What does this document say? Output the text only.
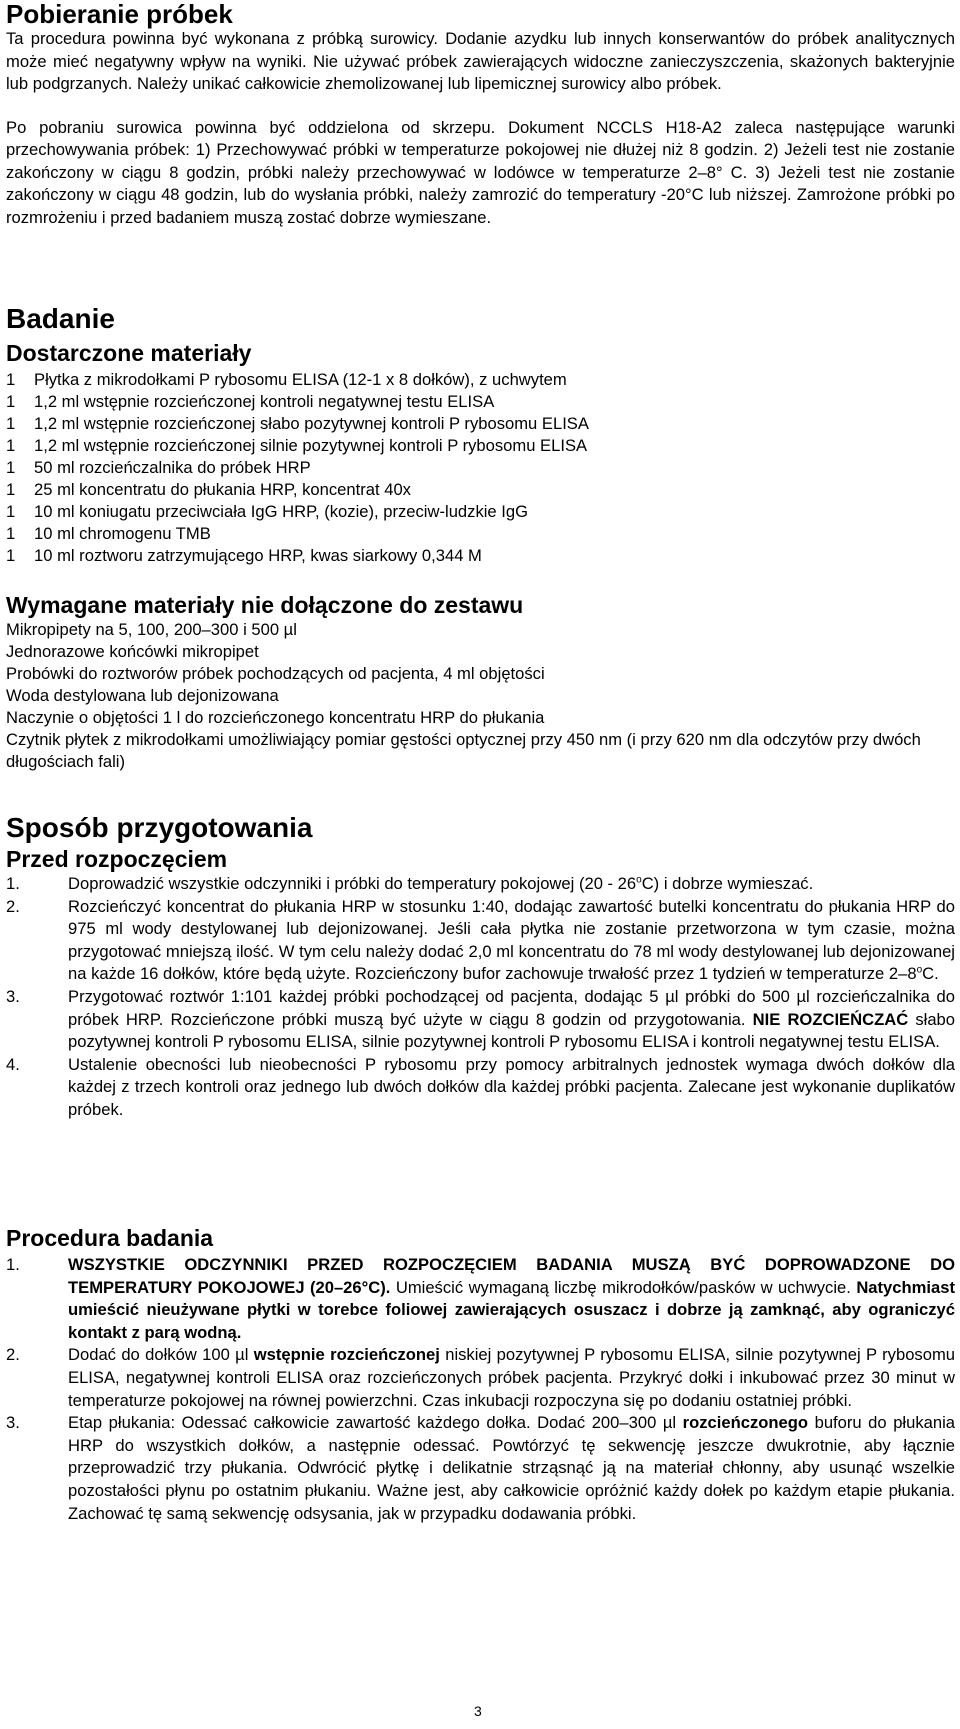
Pobieranie próbek

Ta procedura powinna być wykonana z próbką surowicy. Dodanie azydku lub innych konserwantów do próbek analitycznych może mieć negatywny wpływ na wyniki. Nie używać próbek zawierających widoczne zanieczyszczenia, skażonych bakteryjnie lub podgrzanych. Należy unikać całkowicie zhemolizowanej lub lipemicznej surowicy albo próbek.

Po pobraniu surowica powinna być oddzielona od skrzepu. Dokument NCCLS H18-A2 zaleca następujące warunki przechowywania próbek: 1) Przechowywać próbki w temperaturze pokojowej nie dłużej niż 8 godzin. 2) Jeżeli test nie zostanie zakończony w ciągu 8 godzin, próbki należy przechowywać w lodówce w temperaturze 2–8° C. 3) Jeżeli test nie zostanie zakończony w ciągu 48 godzin, lub do wysłania próbki, należy zamrozić do temperatury -20°C lub niższej. Zamrożone próbki po rozmrożeniu i przed badaniem muszą zostać dobrze wymieszane.

Badanie
Dostarczone materiały
1	Płytka z mikrodołkami P rybosomu ELISA (12-1 x 8 dołków), z uchwytem
1	1,2 ml wstępnie rozcieńczonej kontroli negatywnej testu ELISA
1	1,2 ml wstępnie rozcieńczonej słabo pozytywnej kontroli P rybosomu ELISA
1	1,2 ml wstępnie rozcieńczonej silnie pozytywnej kontroli P rybosomu ELISA
1	50 ml rozcieńczalnika do próbek HRP
1	25 ml koncentratu do płukania HRP, koncentrat 40x
1	10 ml koniugatu przeciwciała IgG HRP, (kozie), przeciw-ludzkie IgG
1	10 ml chromogenu TMB
1	10 ml roztworu zatrzymującego HRP, kwas siarkowy 0,344 M
Wymagane materiały nie dołączone do zestawu

Mikropipety na 5, 100, 200–300 i 500 µl

Jednorazowe końcówki mikropipet

Probówki do roztworów próbek pochodzących od pacjenta, 4 ml objętości

Woda destylowana lub dejonizowana

Naczynie o objętości 1 l do rozcieńczonego koncentratu HRP do płukania

Czytnik płytek z mikrodołkami umożliwiający pomiar gęstości optycznej przy 450 nm (i przy 620 nm dla odczytów przy dwóch długościach fali)

Sposób przygotowania
Przed rozpoczęciem
1.	Doprowadzić wszystkie odczynniki i próbki do temperatury pokojowej (20 - 26$^o$C) i dobrze wymieszać.
2.	Rozcieńczyć koncentrat do płukania HRP w stosunku 1:40, dodając zawartość butelki koncentratu do płukania HRP do 975 ml wody destylowanej lub dejonizowanej. Jeśli cała płytka nie zostanie przetworzona w tym czasie, można przygotować mniejszą ilość. W tym celu należy dodać 2,0 ml koncentratu do 78 ml wody destylowanej lub dejonizowanej na każde 16 dołków, które będą użyte. Rozcieńczony bufor zachowuje trwałość przez 1 tydzień w temperaturze 2–8$^o$C.
3.	Przygotować roztwór 1:101 każdej próbki pochodzącej od pacjenta, dodając 5 µl próbki do 500 µl rozcieńczalnika do próbek HRP. Rozcieńczone próbki muszą być użyte w ciągu 8 godzin od przygotowania. NIE ROZCIEŃCZAĆ słabo pozytywnej kontroli P rybosomu ELISA, silnie pozytywnej kontroli P rybosomu ELISA i kontroli negatywnej testu ELISA.
4.	Ustalenie obecności lub nieobecności P rybosomu przy pomocy arbitralnych jednostek wymaga dwóch dołków dla każdej z trzech kontroli oraz jednego lub dwóch dołków dla każdej próbki pacjenta. Zalecane jest wykonanie duplikatów próbek.
Procedura badania
1.	WSZYSTKIE ODCZYNNIKI PRZED ROZPOCZĘCIEM BADANIA MUSZĄ BYĆ DOPROWADZONE DO TEMPERATURY POKOJOWEJ (20–26°C). Umieścić wymaganą liczbę mikrodołków/pasków w uchwycie. Natychmiast umieścić nieużywane płytki w torebce foliowej zawierających osuszacz i dobrze ją zamknąć, aby ograniczyć kontakt z parą wodną.
2.	Dodać do dołków 100 µl wstępnie rozcieńczonej niskiej pozytywnej P rybosomu ELISA, silnie pozytywnej P rybosomu ELISA, negatywnej kontroli ELISA oraz rozcieńczonych próbek pacjenta. Przykryć dołki i inkubować przez 30 minut w temperaturze pokojowej na równej powierzchni. Czas inkubacji rozpoczyna się po dodaniu ostatniej próbki.
3.	Etap płukania: Odessać całkowicie zawartość każdego dołka. Dodać 200–300 µl rozcieńczonego buforu do płukania HRP do wszystkich dołków, a następnie odessać. Powtórzyć tę sekwencję jeszcze dwukrotnie, aby łącznie przeprowadzić trzy płukania. Odwrócić płytkę i delikatnie strząsnąć ją na materiał chłonny, aby usunąć wszelkie pozostałości płynu po ostatnim płukaniu. Ważne jest, aby całkowicie opróżnić każdy dołek po każdym etapie płukania. Zachować tę samą sekwencję odsysania, jak w przypadku dodawania próbki.
3
